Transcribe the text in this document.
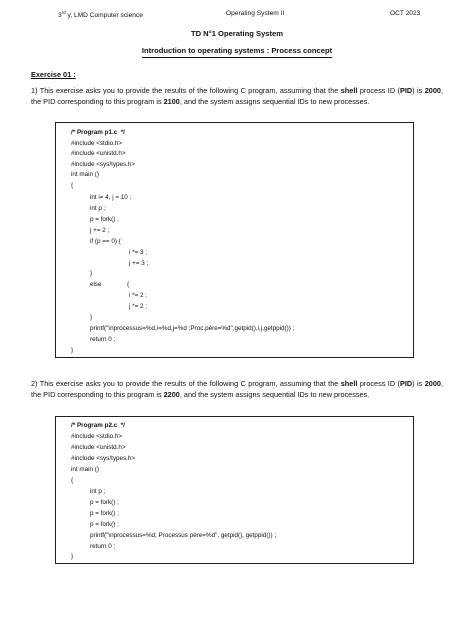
3rd y, LMD Computer science	Operating System II	OCT 2023
TD N°1 Operating System
Introduction to operating systems : Process concept
Exercise 01 :
1) This exercise asks you to provide the results of the following C program, assuming that the shell process ID (PID) is 2000, the PID corresponding to this program is 2100, and the system assigns sequential IDs to new processes.
/* Program p1.c  */
#include <stdio.h>
#include <unistd.h>
#include <sys/types.h>
int main ()
{
int i= 4, j = 10 ;
int p ;
p = fork() ;
j += 2 ;
if (p == 0) {
i *= 3 ;
j += 3 ;
}
else	{
i *= 2 ;
j *= 2 ;
}
printf("\nprocessus=%d,i=%d,j=%d ;Proc.père=%d",getpid(),i,j,getppid()) ;
return 0 ;
}
2) This exercise asks you to provide the results of the following C program, assuming that the shell process ID (PID) is 2000, the PID corresponding to this program is 2200, and the system assigns sequential IDs to new processes.
/* Program p2.c  */
#include <stdio.h>
#include <unistd.h>
#include <sys/types.h>
int main ()
{
int p ;
p = fork() ;
p = fork() ;
p = fork() ;
printf("\nprocessus=%d; Processus père=%d", getpid(), getppid()) ;
return 0 ;
}
